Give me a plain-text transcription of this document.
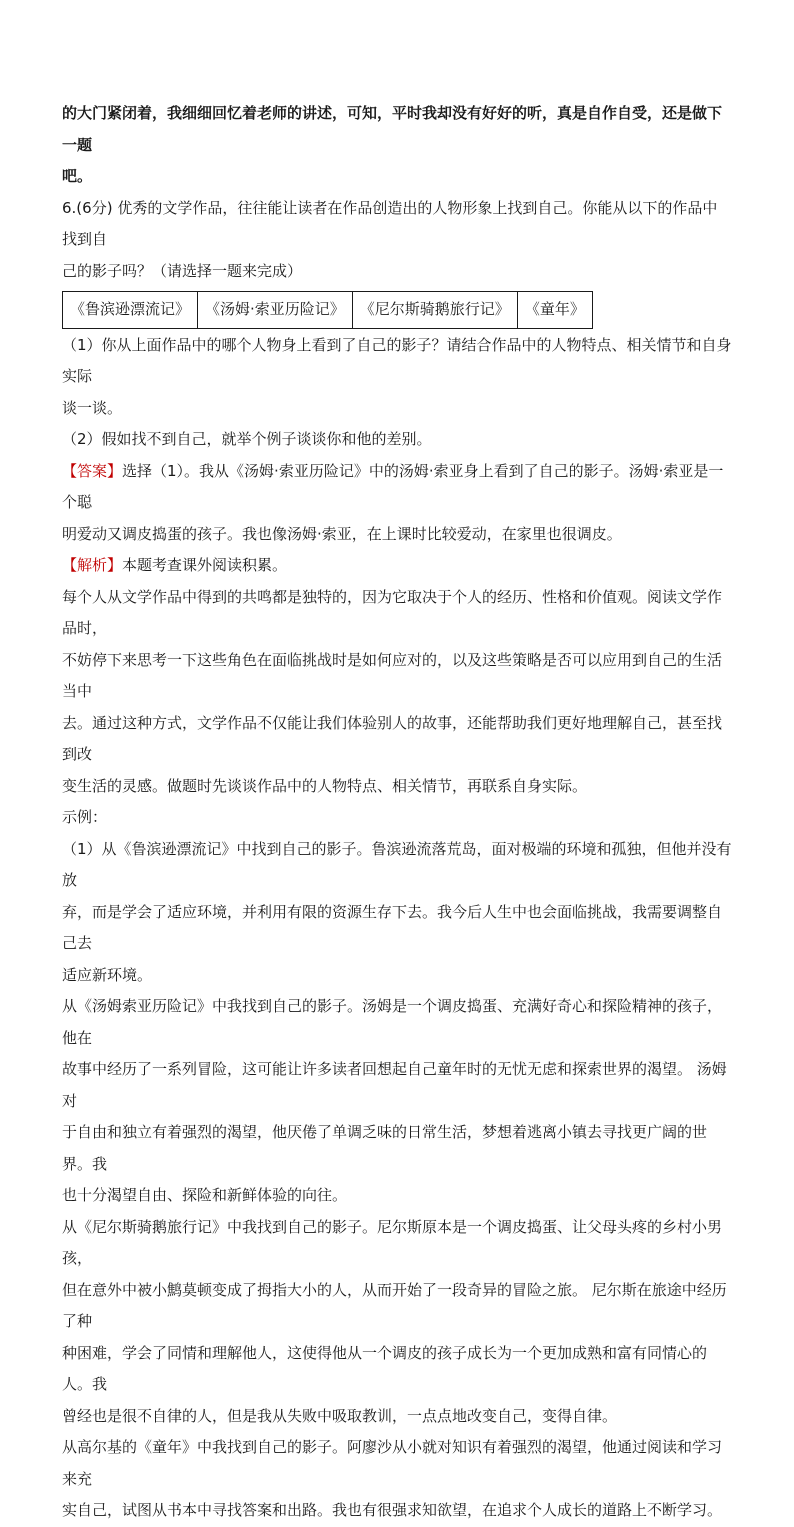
的大门紧闭着，我细细回忆着老师的讲述，可知，平时我却没有好好的听，真是自作自受，还是做下一题

吧。

6.(6分) 优秀的文学作品，往往能让读者在作品创造出的人物形象上找到自己。你能从以下的作品中找到自

己的影子吗？（请选择一题来完成）

《鲁滨逊漂流记》	《汤姆·索亚历险记》	《尼尔斯骑鹅旅行记》	《童年》

（1）你从上面作品中的哪个人物身上看到了自己的影子？请结合作品中的人物特点、相关情节和自身实际

谈一谈。

（2）假如找不到自己，就举个例子谈谈你和他的差别。

【答案】选择（1）。我从《汤姆·索亚历险记》中的汤姆·索亚身上看到了自己的影子。汤姆·索亚是一个聪

明爱动又调皮捣蛋的孩子。我也像汤姆·索亚，在上课时比较爱动，在家里也很调皮。

【解析】本题考查课外阅读积累。

每个人从文学作品中得到的共鸣都是独特的，因为它取决于个人的经历、性格和价值观。阅读文学作品时，

不妨停下来思考一下这些角色在面临挑战时是如何应对的，以及这些策略是否可以应用到自己的生活当中

去。通过这种方式，文学作品不仅能让我们体验别人的故事，还能帮助我们更好地理解自己，甚至找到改

变生活的灵感。做题时先谈谈作品中的人物特点、相关情节，再联系自身实际。

示例：

（1）从《鲁滨逊漂流记》中找到自己的影子。鲁滨逊流落荒岛，面对极端的环境和孤独，但他并没有放

弃，而是学会了适应环境，并利用有限的资源生存下去。我今后人生中也会面临挑战，我需要调整自己去

适应新环境。

从《汤姆索亚历险记》中我找到自己的影子。汤姆是一个调皮捣蛋、充满好奇心和探险精神的孩子，他在

故事中经历了一系列冒险，这可能让许多读者回想起自己童年时的无忧无虑和探索世界的渴望。 汤姆对

于自由和独立有着强烈的渴望，他厌倦了单调乏味的日常生活，梦想着逃离小镇去寻找更广阔的世界。我

也十分渴望自由、探险和新鲜体验的向往。

从《尼尔斯骑鹅旅行记》中我找到自己的影子。尼尔斯原本是一个调皮捣蛋、让父母头疼的乡村小男孩，

但在意外中被小鹪莫顿变成了拇指大小的人，从而开始了一段奇异的冒险之旅。 尼尔斯在旅途中经历了种

种困难，学会了同情和理解他人，这使得他从一个调皮的孩子成长为一个更加成熟和富有同情心的人。我

曾经也是很不自律的人，但是我从失败中吸取教训，一点点地改变自己，变得自律。

从高尔基的《童年》中我找到自己的影子。阿廖沙从小就对知识有着强烈的渴望，他通过阅读和学习来充

实自己，试图从书本中寻找答案和出路。我也有很强求知欲望，在追求个人成长的道路上不断学习。
